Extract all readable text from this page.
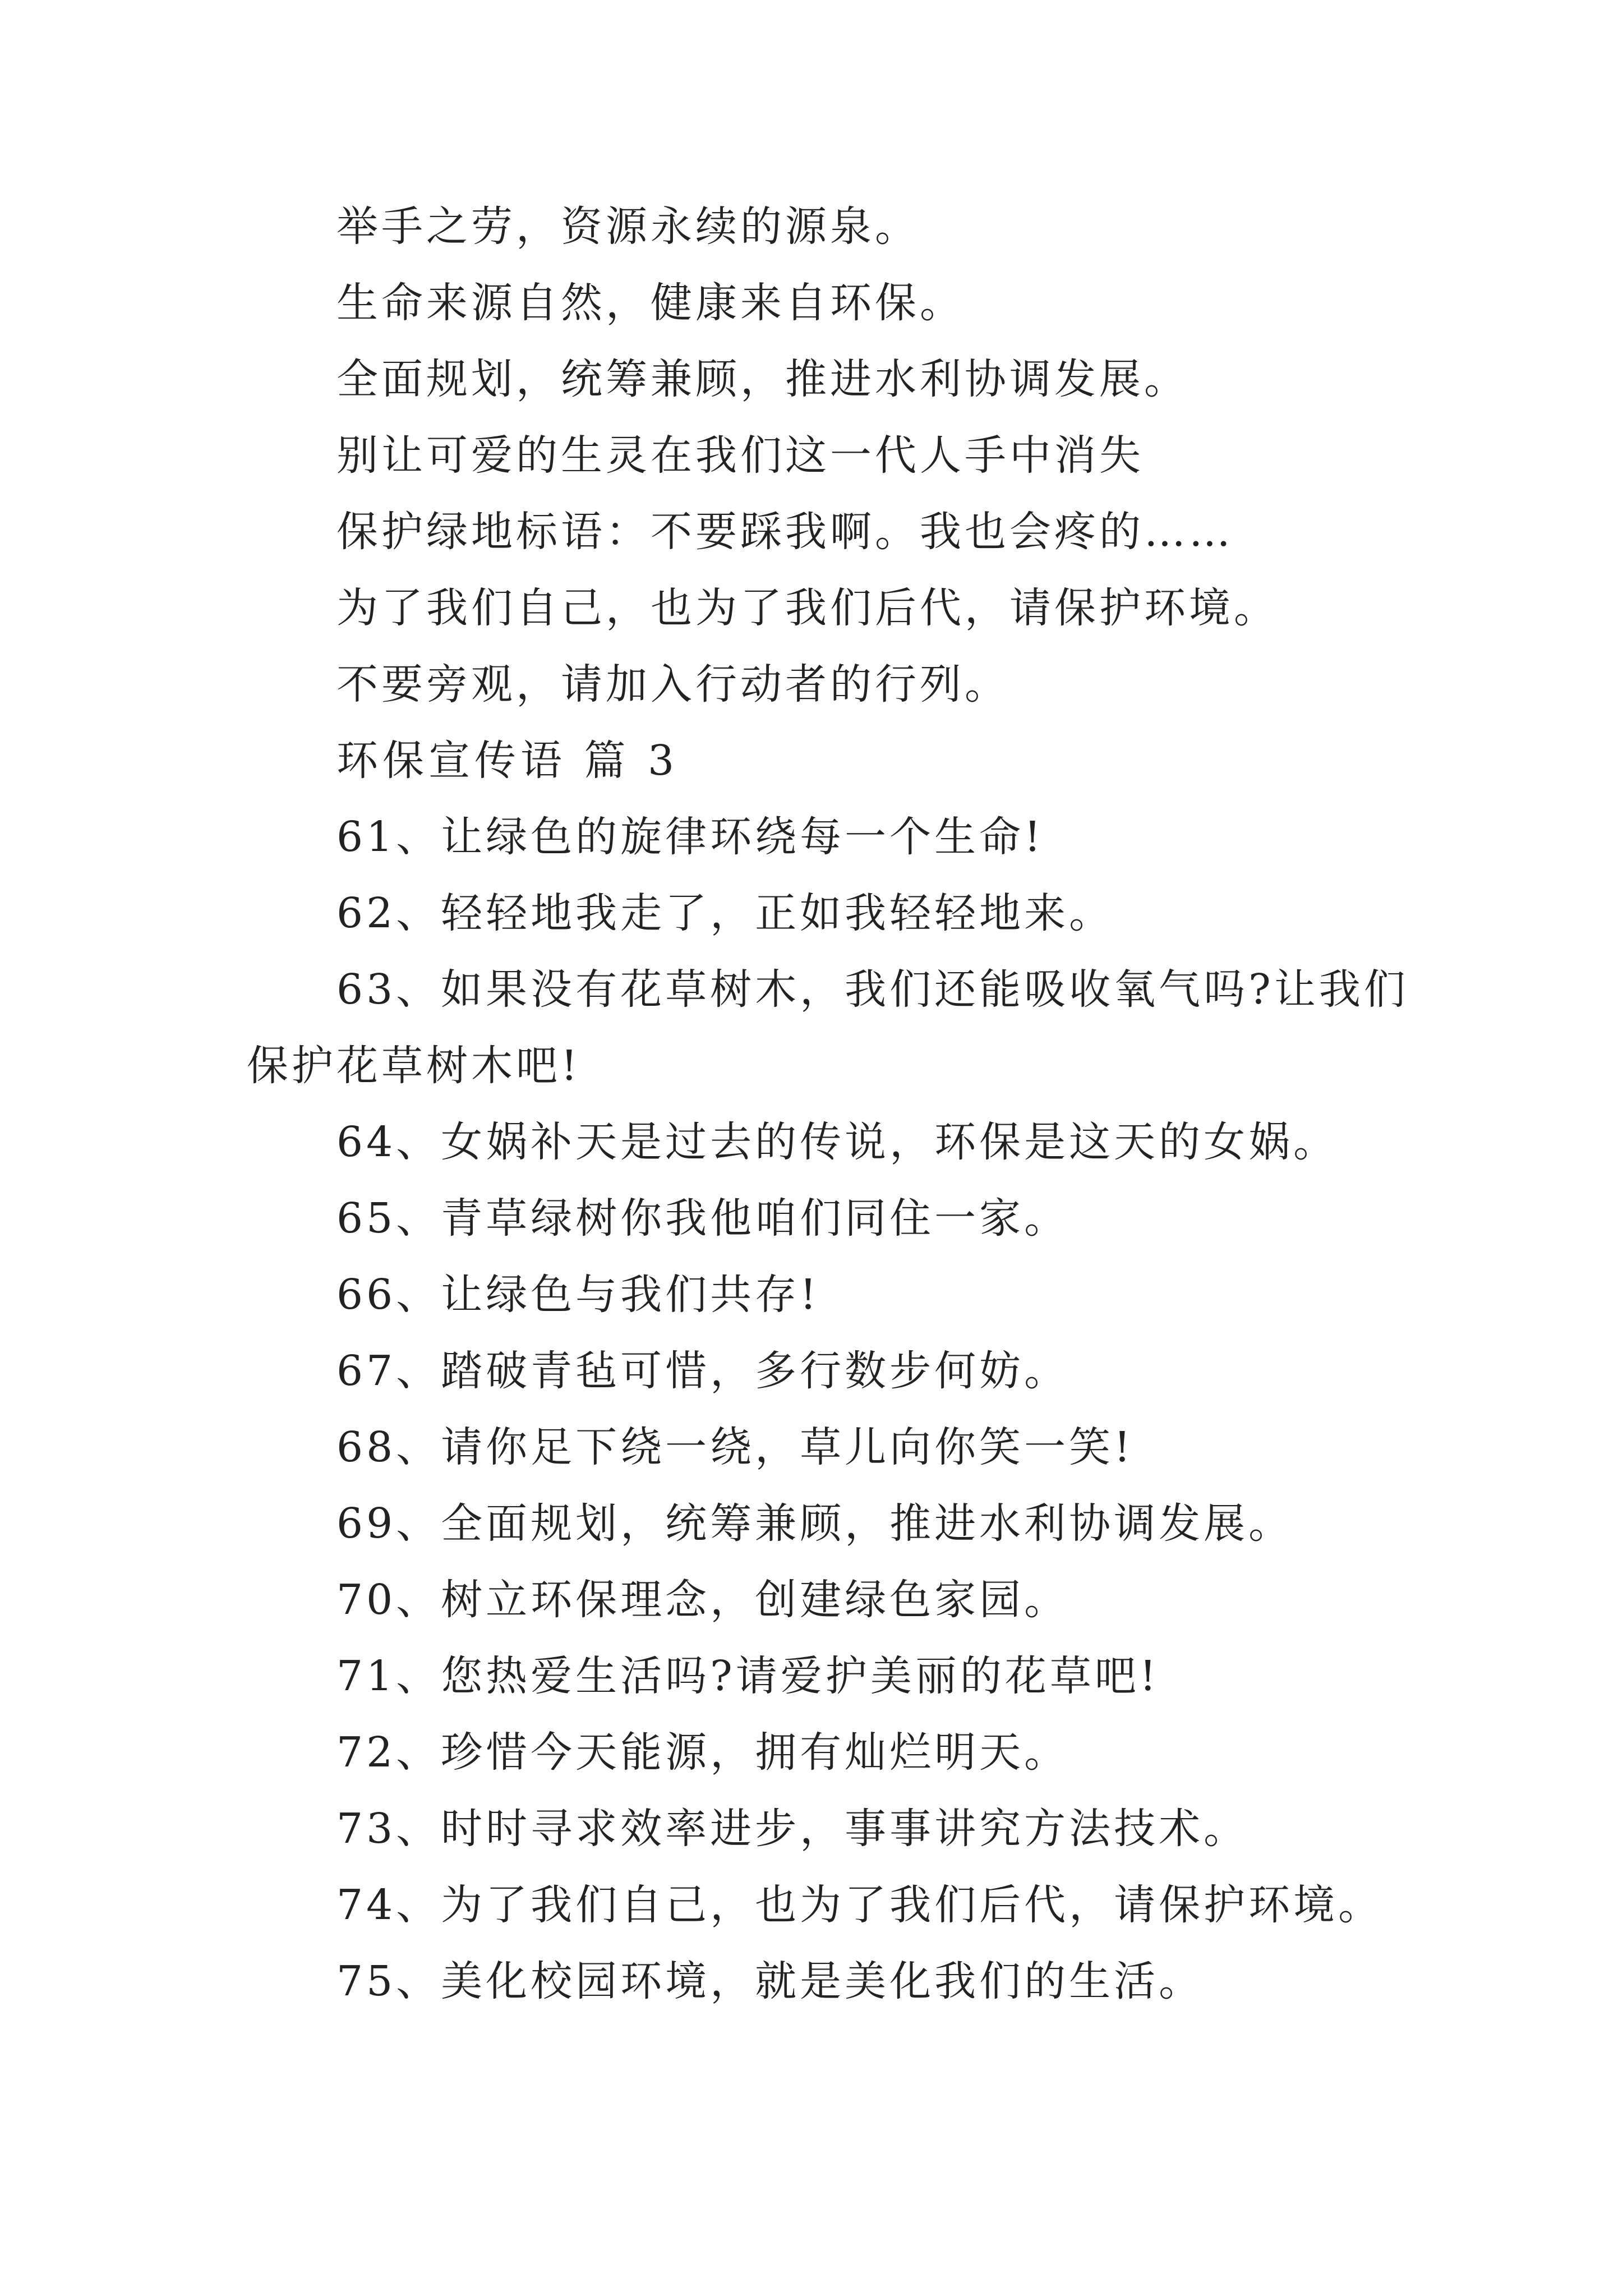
举手之劳，资源永续的源泉。
生命来源自然，健康来自环保。
全面规划，统筹兼顾，推进水利协调发展。
别让可爱的生灵在我们这一代人手中消失
保护绿地标语：不要踩我啊。我也会疼的……
为了我们自己，也为了我们后代，请保护环境。
不要旁观，请加入行动者的行列。
环保宣传语 篇 3
61、让绿色的旋律环绕每一个生命!
62、轻轻地我走了，正如我轻轻地来。
63、如果没有花草树木，我们还能吸收氧气吗?让我们
保护花草树木吧!
64、女娲补天是过去的传说，环保是这天的女娲。
65、青草绿树你我他咱们同住一家。
66、让绿色与我们共存!
67、踏破青毡可惜，多行数步何妨。
68、请你足下绕一绕，草儿向你笑一笑!
69、全面规划，统筹兼顾，推进水利协调发展。
70、树立环保理念，创建绿色家园。
71、您热爱生活吗?请爱护美丽的花草吧!
72、珍惜今天能源，拥有灿烂明天。
73、时时寻求效率进步，事事讲究方法技术。
74、为了我们自己，也为了我们后代，请保护环境。
75、美化校园环境，就是美化我们的生活。
